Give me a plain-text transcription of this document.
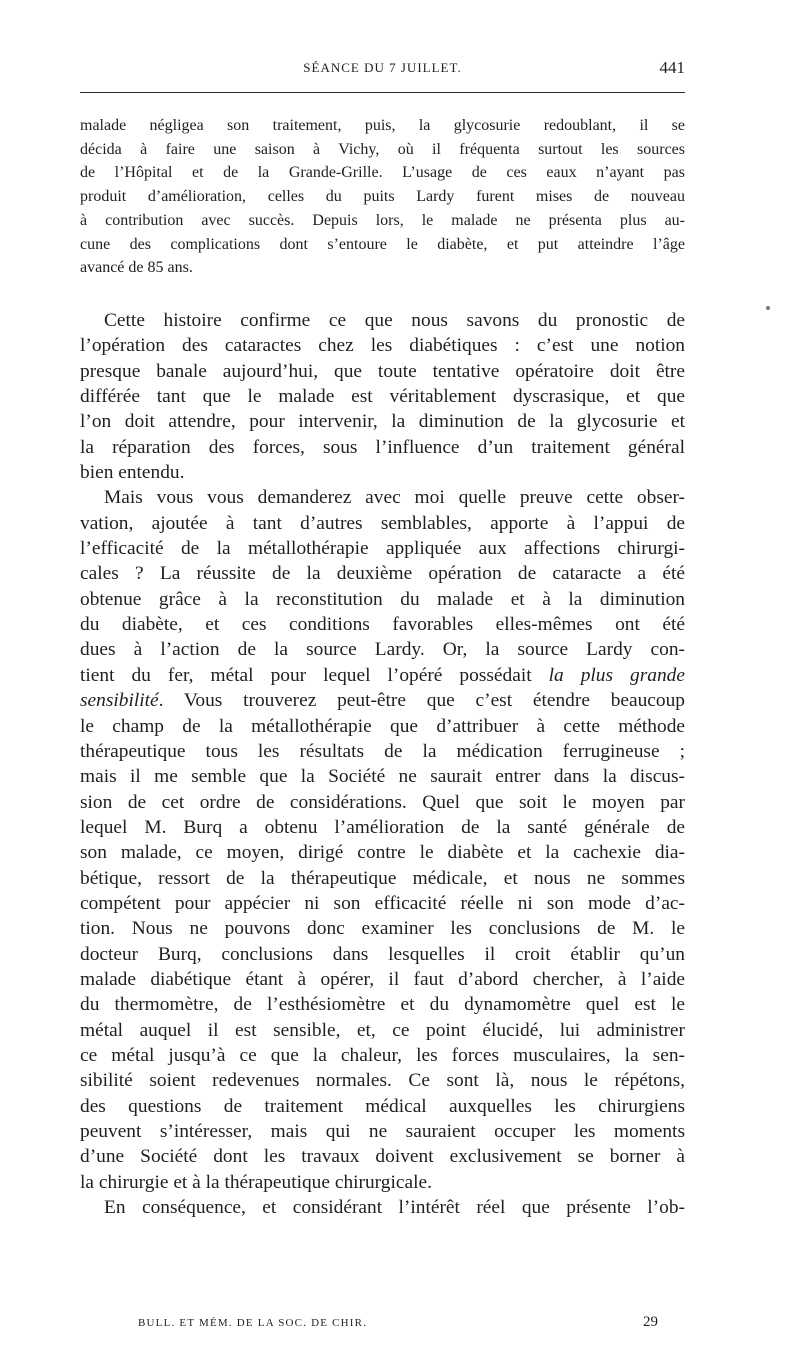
SÉANCE DU 7 JUILLET.	441
malade négligea son traitement, puis, la glycosurie redoublant, il se
décida à faire une saison à Vichy, où il fréquenta surtout les sources
de l’Hôpital et de la Grande-Grille. L’usage de ces eaux n’ayant pas
produit d’amélioration, celles du puits Lardy furent mises de nouveau
à contribution avec succès. Depuis lors, le malade ne présenta plus au-
cune des complications dont s’entoure le diabète, et put atteindre l’âge
avancé de 85 ans.
Cette histoire confirme ce que nous savons du pronostic de
l’opération des cataractes chez les diabétiques : c’est une notion
presque banale aujourd’hui, que toute tentative opératoire doit être
différée tant que le malade est véritablement dyscrasique, et que
l’on doit attendre, pour intervenir, la diminution de la glycosurie et
la réparation des forces, sous l’influence d’un traitement général
bien entendu.
Mais vous vous demanderez avec moi quelle preuve cette obser-
vation, ajoutée à tant d’autres semblables, apporte à l’appui de
l’efficacité de la métallothérapie appliquée aux affections chirurgi-
cales ? La réussite de la deuxième opération de cataracte a été
obtenue grâce à la reconstitution du malade et à la diminution
du diabète, et ces conditions favorables elles-mêmes ont été
dues à l’action de la source Lardy. Or, la source Lardy con-
tient du fer, métal pour lequel l’opéré possédait la plus grande
sensibilité. Vous trouverez peut-être que c’est étendre beaucoup
le champ de la métallothérapie que d’attribuer à cette méthode
thérapeutique tous les résultats de la médication ferrugineuse ;
mais il me semble que la Société ne saurait entrer dans la discus-
sion de cet ordre de considérations. Quel que soit le moyen par
lequel M. Burq a obtenu l’amélioration de la santé générale de
son malade, ce moyen, dirigé contre le diabète et la cachexie dia-
bétique, ressort de la thérapeutique médicale, et nous ne sommes
compétent pour appécier ni son efficacité réelle ni son mode d’ac-
tion. Nous ne pouvons donc examiner les conclusions de M. le
docteur Burq, conclusions dans lesquelles il croit établir qu’un
malade diabétique étant à opérer, il faut d’abord chercher, à l’aide
du thermomètre, de l’esthésiomètre et du dynamomètre quel est le
métal auquel il est sensible, et, ce point élucidé, lui administrer
ce métal jusqu’à ce que la chaleur, les forces musculaires, la sen-
sibilité soient redevenues normales. Ce sont là, nous le répétons,
des questions de traitement médical auxquelles les chirurgiens
peuvent s’intéresser, mais qui ne sauraient occuper les moments
d’une Société dont les travaux doivent exclusivement se borner à
la chirurgie et à la thérapeutique chirurgicale.
En conséquence, et considérant l’intérêt réel que présente l’ob-
BULL. ET MÉM. DE LA SOC. DE CHIR.	29
